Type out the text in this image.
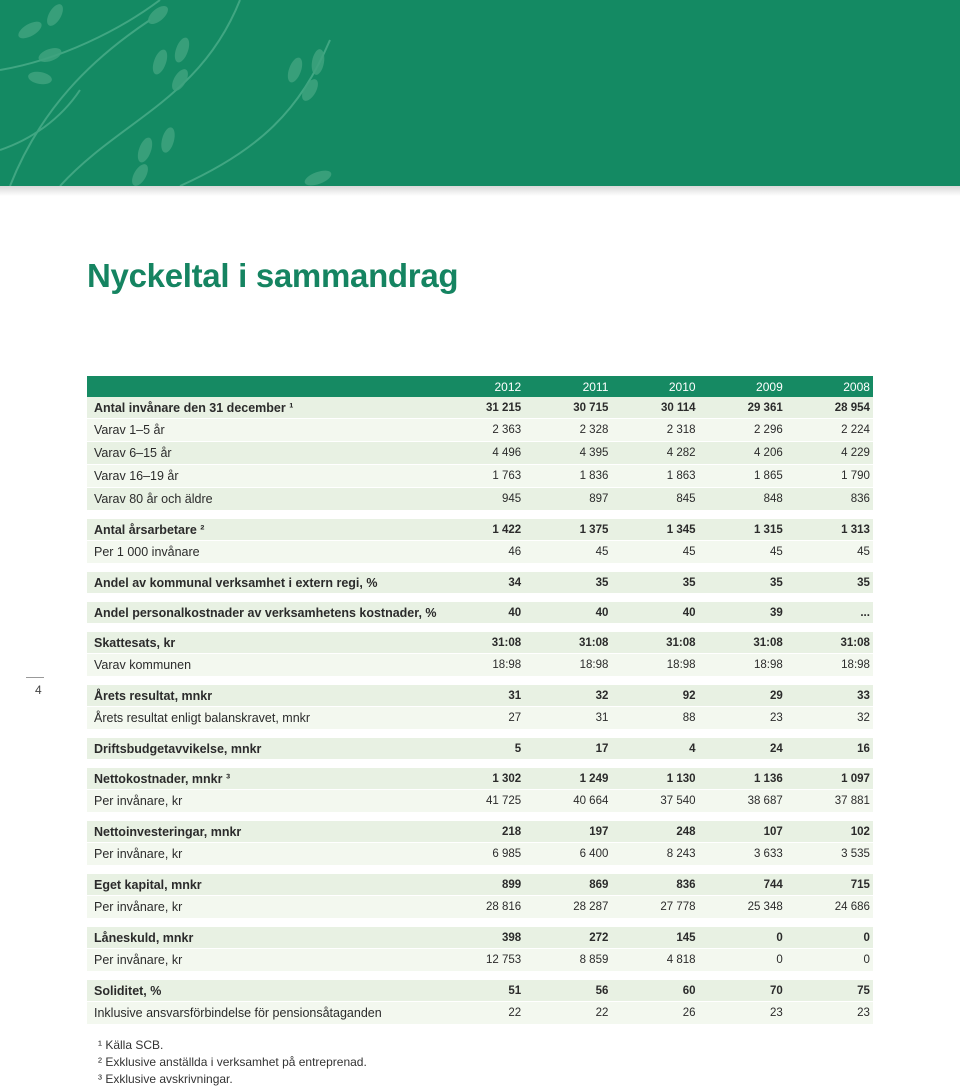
Nyckeltal i sammandrag
4
2012	2011	2010	2009	2008
Antal invånare den 31 december ¹	31 215	30 715	30 114	29 361	28 954
Varav 1–5 år	2 363	2 328	2 318	2 296	2 224
Varav 6–15 år	4 496	4 395	4 282	4 206	4 229
Varav 16–19 år	1 763	1 836	1 863	1 865	1 790
Varav 80 år och äldre	945	897	845	848	836
Antal årsarbetare ²	1 422	1 375	1 345	1 315	1 313
Per 1 000 invånare	46	45	45	45	45
Andel av kommunal verksamhet i extern regi, %	34	35	35	35	35
Andel personalkostnader av verksamhetens kostnader, %	40	40	40	39	...
Skattesats, kr	31:08	31:08	31:08	31:08	31:08
Varav kommunen	18:98	18:98	18:98	18:98	18:98
Årets resultat, mnkr	31	32	92	29	33
Årets resultat enligt balanskravet, mnkr	27	31	88	23	32
Driftsbudgetavvikelse, mnkr	5	17	4	24	16
Nettokostnader, mnkr ³	1 302	1 249	1 130	1 136	1 097
Per invånare, kr	41 725	40 664	37 540	38 687	37 881
Nettoinvesteringar, mnkr	218	197	248	107	102
Per invånare, kr	6 985	6 400	8 243	3 633	3 535
Eget kapital, mnkr	899	869	836	744	715
Per invånare, kr	28 816	28 287	27 778	25 348	24 686
Låneskuld, mnkr	398	272	145	0	0
Per invånare, kr	12 753	8 859	4 818	0	0
Soliditet, %	51	56	60	70	75
Inklusive ansvarsförbindelse för pensionsåtaganden	22	22	26	23	23
¹ Källa SCB.
² Exklusive anställda i verksamhet på entreprenad.
³ Exklusive avskrivningar.
